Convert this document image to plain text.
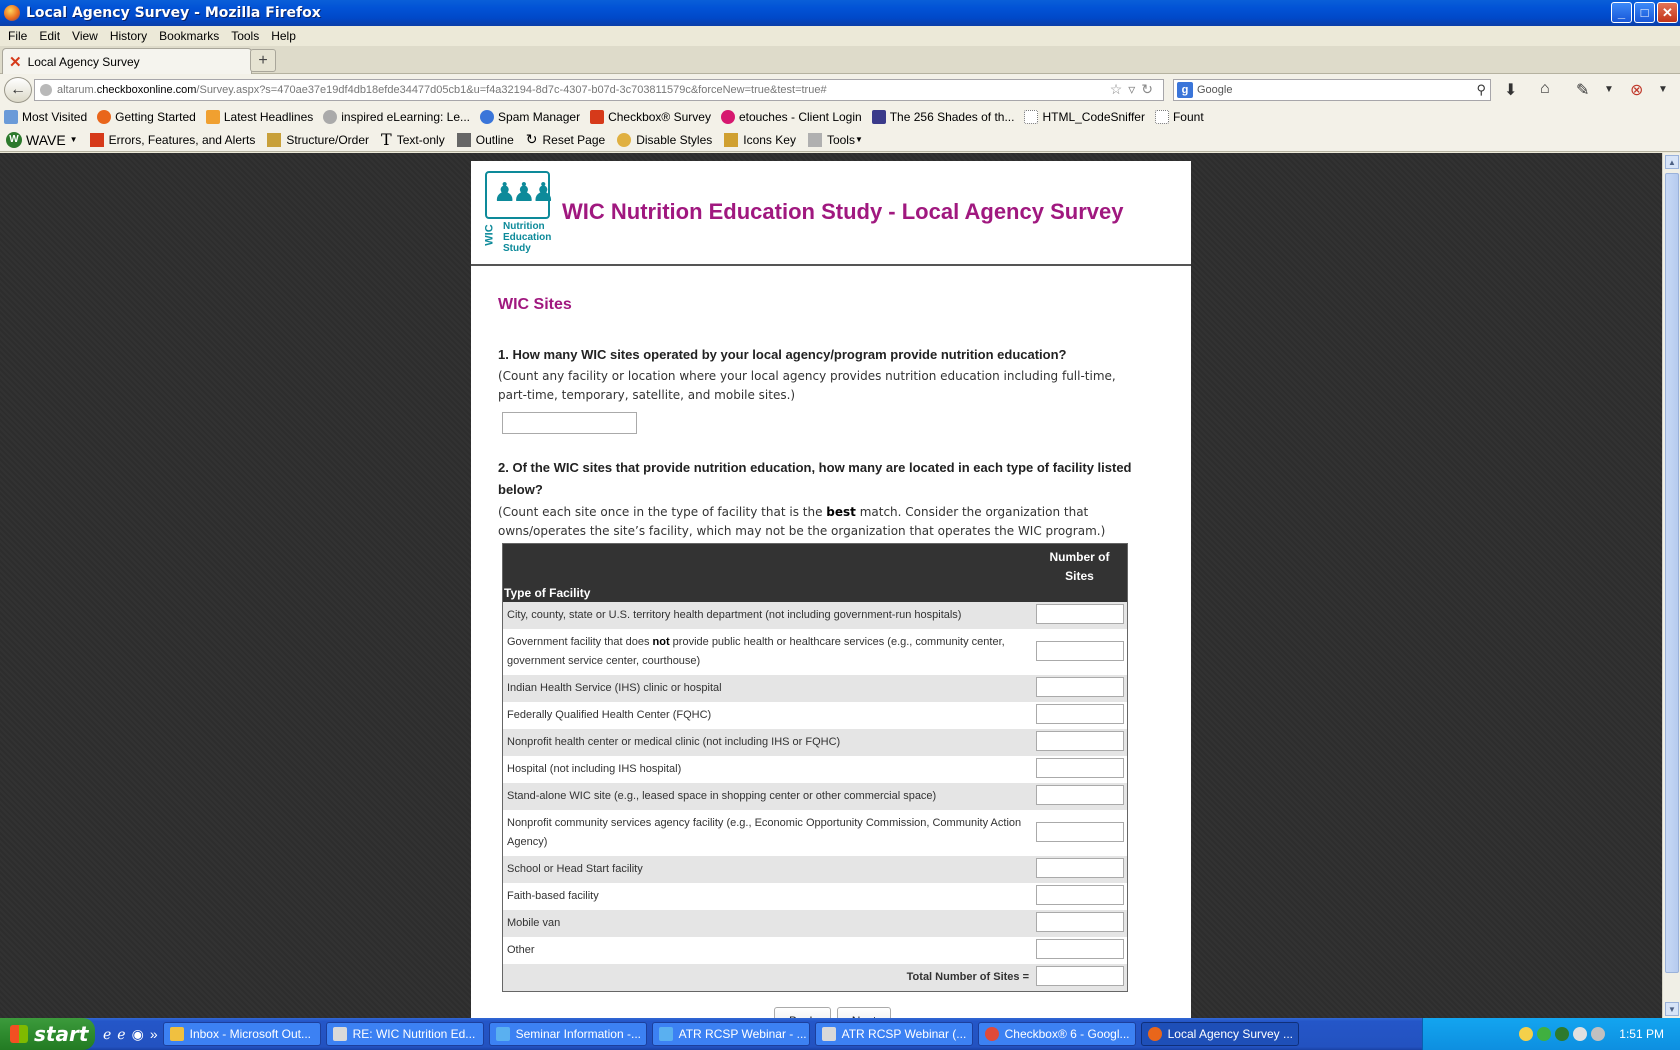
Local Agency Survey - Mozilla Firefox	_	□	✕
File	Edit	View	History	Bookmarks	Tools	Help
✕ Local Agency Survey	+
←	altarum. checkboxonline.com /Survey.aspx?s=470ae37e19df4db18efde34477d05cb1&u=f4a32194-8d7c-4307-b07d-3c703811579c&forceNew=true&test=true#	☆▿↻	g Google	⚲ ⬇ ⌂ ✎ ▼ ⊗ ▼
Most Visited Getting Started Latest Headlines inspired eLearning: Le... Spam Manager Checkbox® Survey etouches - Client Login The 256 Shades of th... HTML_CodeSniffer Fount
W WAVE ▼	Errors, Features, and Alerts	Structure/Order T Text-only	Outline ↻ Reset Page	Disable Styles	Icons Key	Tools ▼
♟♟♟
WIC Nutrition
Education
Study
WIC Nutrition Education Study - Local Agency Survey
WIC Sites
1. How many WIC sites operated by your local agency/program provide nutrition education?
(Count any facility or location where your local agency provides nutrition education including full-time, part-time, temporary, satellite, and mobile sites.)
2. Of the WIC sites that provide nutrition education, how many are located in each type of facility listed below?
(Count each site once in the type of facility that is the best match. Consider the organization that owns/operates the site’s facility, which may not be the organization that operates the WIC program.)
Type of Facility	Number of Sites
City, county, state or U.S. territory health department (not including government-run hospitals)	
Government facility that does not provide public health or healthcare services (e.g., community center, government service center, courthouse)	
Indian Health Service (IHS) clinic or hospital	
Federally Qualified Health Center (FQHC)	
Nonprofit health center or medical clinic (not including IHS or FQHC)	
Hospital (not including IHS hospital)	
Stand-alone WIC site (e.g., leased space in shopping center or other commercial space)	
Nonprofit community services agency facility (e.g., Economic Opportunity Commission, Community Action Agency)	
School or Head Start facility	
Faith-based facility	
Mobile van	
Other	
Total Number of Sites =	
▲
▼
start ℯ ℯ ◉ »	Inbox - Microsoft Out...	RE: WIC Nutrition Ed...	Seminar Information -...	ATR RCSP Webinar - ...	ATR RCSP Webinar (...	Checkbox® 6 - Googl...	Local Agency Survey ...	1:51 PM
